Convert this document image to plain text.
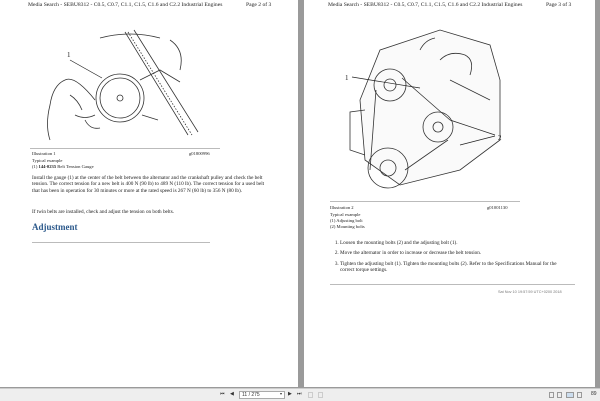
Media Search - SEBU8312 - C0.5, C0.7, C1.1, C1.5, C1.6 and C2.2 Industrial Engines	Page 2 of 3
1
Illustration 1	g01800996
Typical example
(1) 144-0235 Belt Tension Gauge
Install the gauge (1) at the center of the belt between the alternator and the crankshaft pulley and check the belt tension. The correct tension for a new belt is 400 N (90 lb) to 489 N (110 lb). The correct tension for a used belt that has been in operation for 30 minutes or more at the rated speed is 267 N (60 lb) to 356 N (80 lb).
If twin belts are installed, check and adjust the tension on both belts.
Adjustment
Media Search - SEBU8312 - C0.5, C0.7, C1.1, C1.5, C1.6 and C2.2 Industrial Engines	Page 3 of 3
1
2
Illustration 2	g01001130
Typical example
(1) Adjusting bolt
(2) Mounting bolts
1. Loosen the mounting bolts (2) and the adjusting bolt (1).
2. Move the alternator in order to increase or decrease the belt tension.
3. Tighten the adjusting bolt (1). Tighten the mounting bolts (2). Refer to the Specifications Manual for the correct torque settings.
Sat Nov 10 19:57:59 UTC+0200 2018
⏮ ◀	11 / 275	▾ ▶ ⏭	89
